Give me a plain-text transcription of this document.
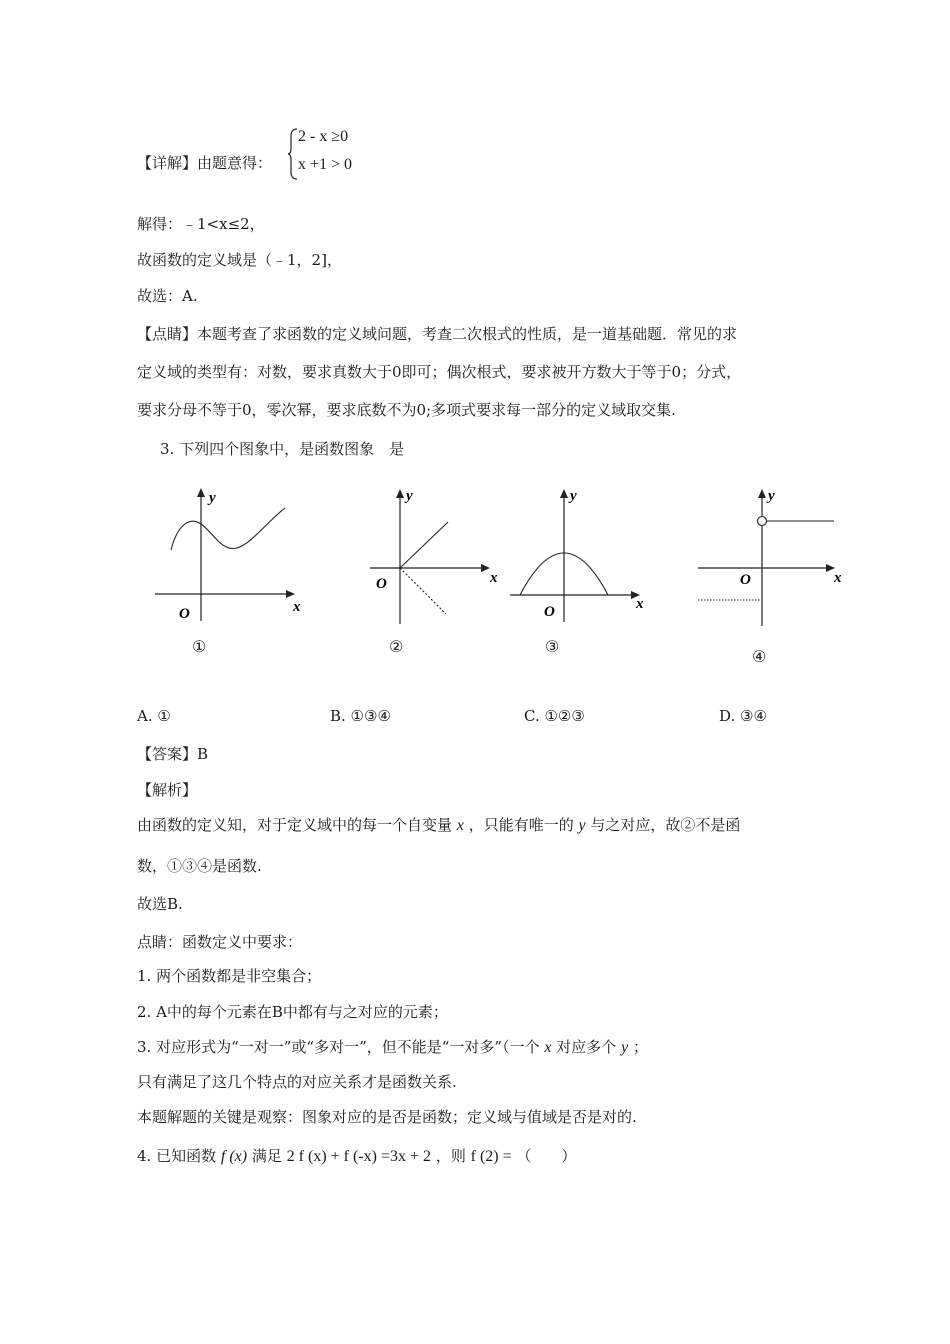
【详解】由题意得：
2 - x ≥0
x +1 > 0
解得：﹣1<x≤2，
故函数的定义域是（﹣1，2]，
故选：A.
【点睛】本题考查了求函数的定义域问题，考查二次根式的性质，是一道基础题．常见的求
定义域的类型有：对数，要求真数大于0即可；偶次根式，要求被开方数大于等于0；分式，
要求分母不等于0，零次幂，要求底数不为0;多项式要求每一部分的定义域取交集.
3. 下列四个图象中，是函数图象　是
y
x
O
y
x
O
y
x
O
y
x
O
①	②	③
④
A. ①	B. ①③④	C. ①②③	D. ③④
【答案】B
【解析】
由函数的定义知，对于定义域中的每一个自变量 x ，只能有唯一的 y 与之对应，故②不是函
数，①③④是函数.
故选B.
点睛：函数定义中要求：
1. 两个函数都是非空集合；
2. A中的每个元素在B中都有与之对应的元素；
3. 对应形式为“一对一”或“多对一”，但不能是“一对多”（一个 x 对应多个 y ；
只有满足了这几个特点的对应关系才是函数关系.
本题解题的关键是观察：图象对应的是否是函数；定义域与值域是否是对的.
4. 已知函数 f (x) 满足 2 f (x) + f (-x) =3x + 2 ，则 f (2) = （　　）
